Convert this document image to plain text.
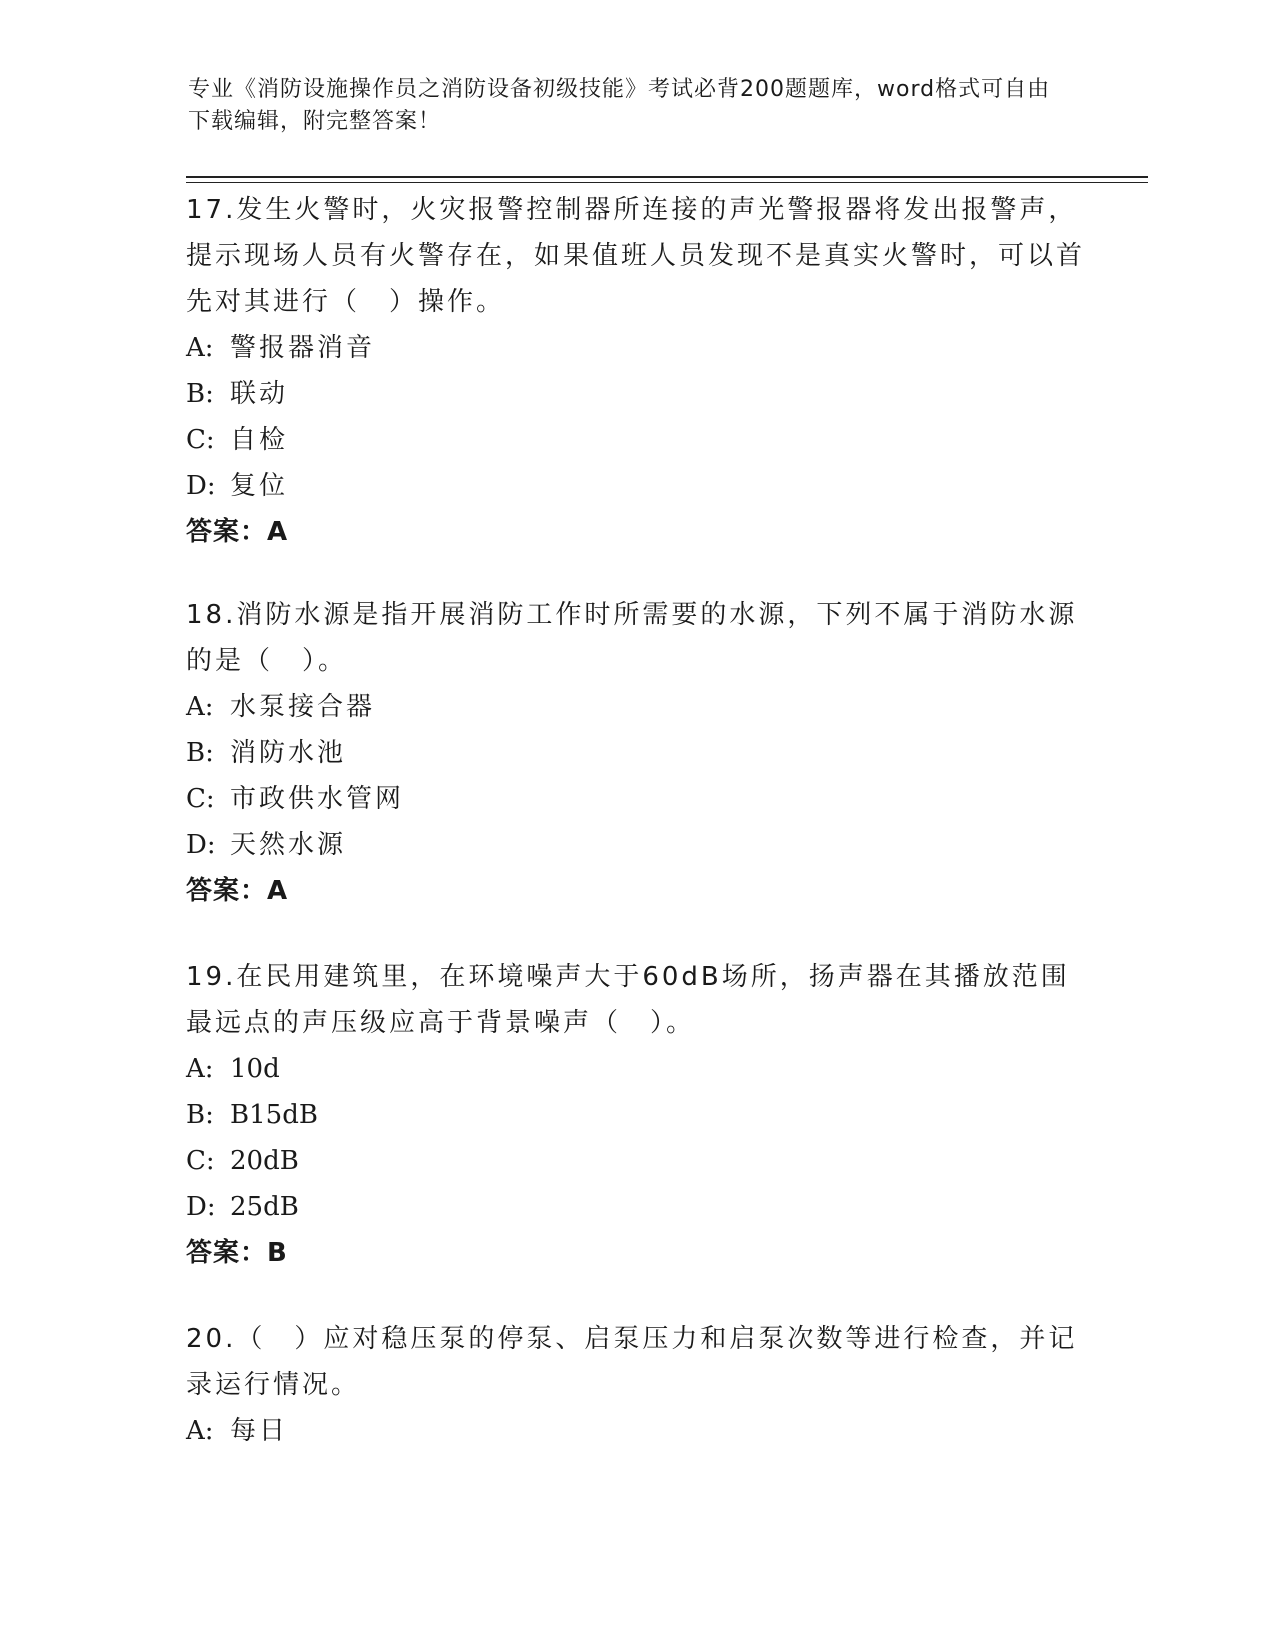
专业《消防设施操作员之消防设备初级技能》考试必背200题题库，word格式可自由下载编辑，附完整答案！

17.发生火警时，火灾报警控制器所连接的声光警报器将发出报警声，提示现场人员有火警存在，如果值班人员发现不是真实火警时，可以首先对其进行（　）操作。

A: 警报器消音
B: 联动
C: 自检
D: 复位
答案：A

18.消防水源是指开展消防工作时所需要的水源，下列不属于消防水源的是（　）。

A: 水泵接合器
B: 消防水池
C: 市政供水管网
D: 天然水源
答案：A

19.在民用建筑里，在环境噪声大于60dB场所，扬声器在其播放范围最远点的声压级应高于背景噪声（　）。

A: 10d
B: B15dB
C: 20dB
D: 25dB
答案：B

20.（　）应对稳压泵的停泵、启泵压力和启泵次数等进行检查，并记录运行情况。

A: 每日
